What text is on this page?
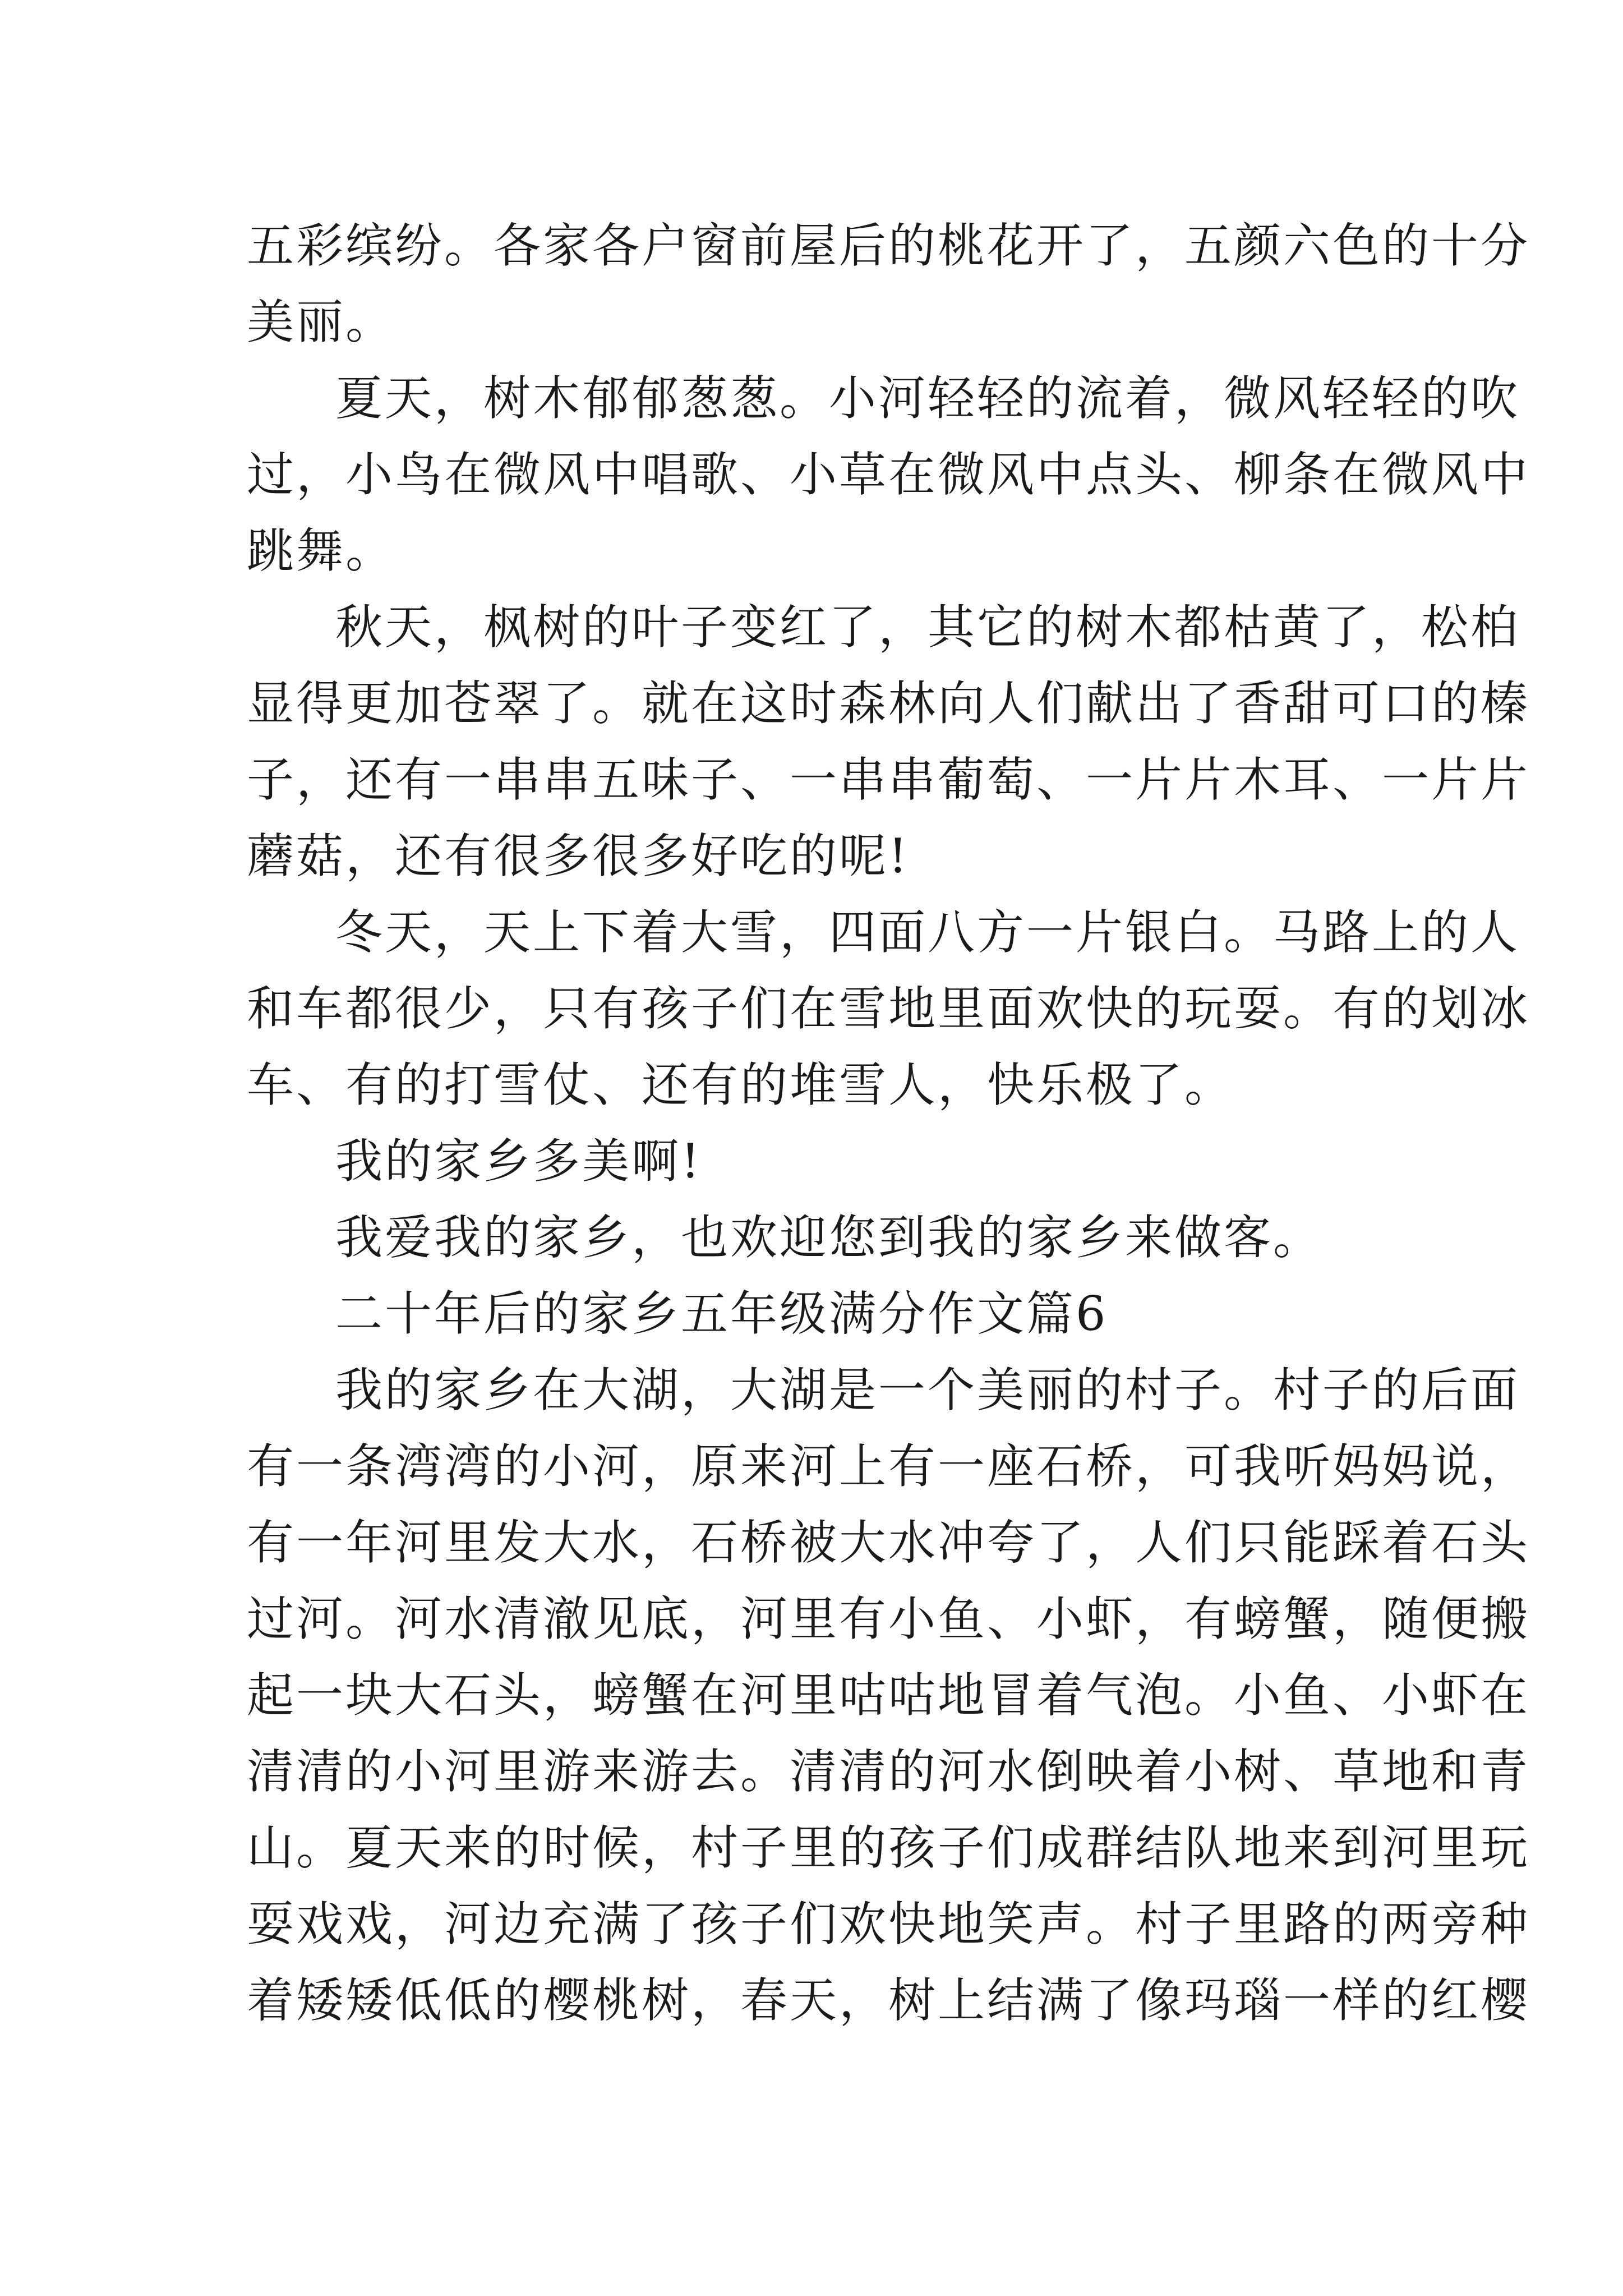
五彩缤纷。各家各户窗前屋后的桃花开了，五颜六色的十分
美丽。
夏天，树木郁郁葱葱。小河轻轻的流着，微风轻轻的吹
过，小鸟在微风中唱歌、小草在微风中点头、柳条在微风中
跳舞。
秋天，枫树的叶子变红了，其它的树木都枯黄了，松柏
显得更加苍翠了。就在这时森林向人们献出了香甜可口的榛
子，还有一串串五味子、一串串葡萄、一片片木耳、一片片
蘑菇，还有很多很多好吃的呢!
冬天，天上下着大雪，四面八方一片银白。马路上的人
和车都很少，只有孩子们在雪地里面欢快的玩耍。有的划冰
车、有的打雪仗、还有的堆雪人，快乐极了。
我的家乡多美啊!
我爱我的家乡，也欢迎您到我的家乡来做客。
二十年后的家乡五年级满分作文篇6
我的家乡在大湖，大湖是一个美丽的村子。村子的后面
有一条湾湾的小河，原来河上有一座石桥，可我听妈妈说，
有一年河里发大水，石桥被大水冲夸了，人们只能踩着石头
过河。河水清澈见底，河里有小鱼、小虾，有螃蟹，随便搬
起一块大石头，螃蟹在河里咕咕地冒着气泡。小鱼、小虾在
清清的小河里游来游去。清清的河水倒映着小树、草地和青
山。夏天来的时候，村子里的孩子们成群结队地来到河里玩
耍戏戏，河边充满了孩子们欢快地笑声。村子里路的两旁种
着矮矮低低的樱桃树，春天，树上结满了像玛瑙一样的红樱
